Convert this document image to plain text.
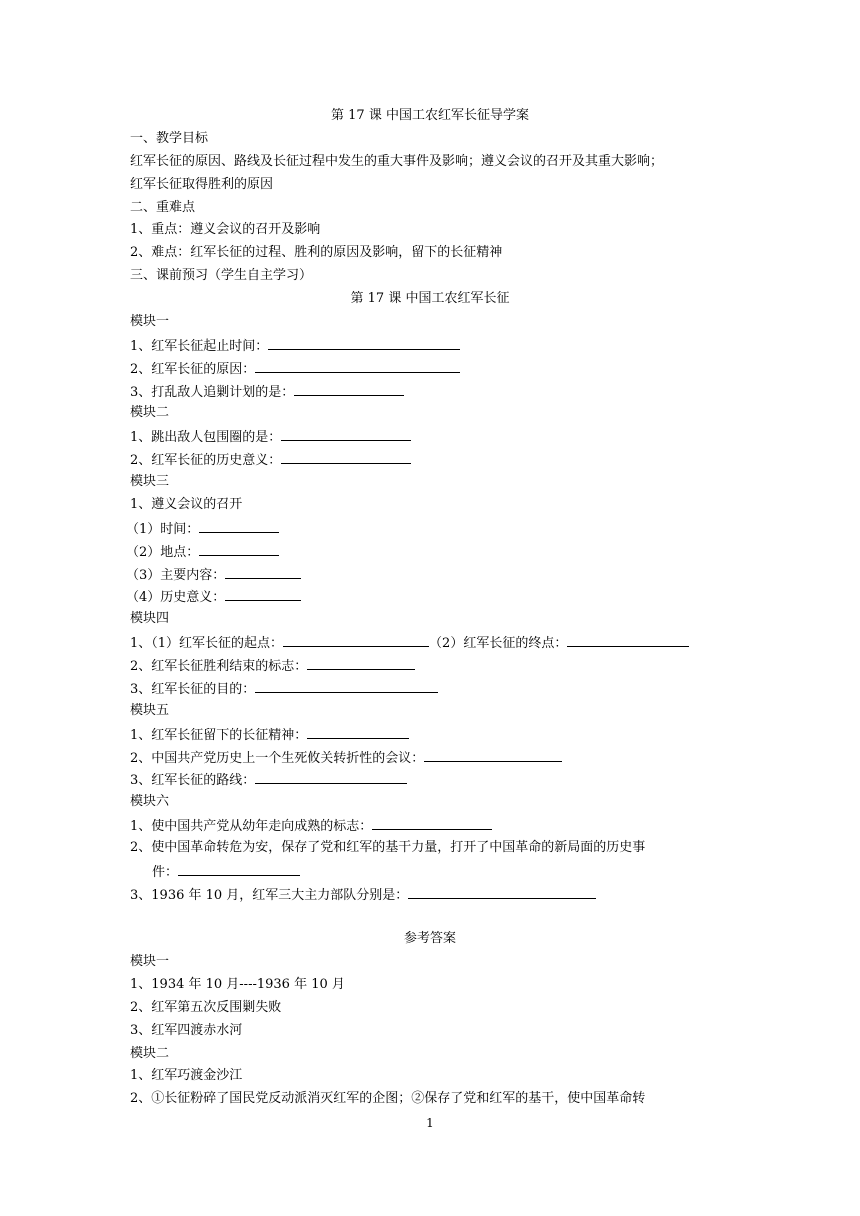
第 17 课 中国工农红军长征导学案
一、教学目标
红军长征的原因、路线及长征过程中发生的重大事件及影响；遵义会议的召开及其重大影响；
红军长征取得胜利的原因
二、重难点
1、重点：遵义会议的召开及影响
2、难点：红军长征的过程、胜利的原因及影响，留下的长征精神
三、课前预习（学生自主学习）
第 17 课 中国工农红军长征
模块一
1、红军长征起止时间：
2、红军长征的原因：
3、打乱敌人追剿计划的是：
模块二
1、跳出敌人包围圈的是：
2、红军长征的历史意义：
模块三
1、遵义会议的召开
（1）时间：
（2）地点：
（3）主要内容：
（4）历史意义：
模块四
1、（1）红军长征的起点：	（2）红军长征的终点：
2、红军长征胜利结束的标志：
3、红军长征的目的：
模块五
1、红军长征留下的长征精神：
2、中国共产党历史上一个生死攸关转折性的会议：
3、红军长征的路线：
模块六
1、使中国共产党从幼年走向成熟的标志：
2、使中国革命转危为安，保存了党和红军的基干力量，打开了中国革命的新局面的历史事
件：
3、1936 年 10 月，红军三大主力部队分别是：
参考答案
模块一
1、1934 年 10 月----1936 年 10 月
2、红军第五次反围剿失败
3、红军四渡赤水河
模块二
1、红军巧渡金沙江
2、①长征粉碎了国民党反动派消灭红军的企图；②保存了党和红军的基干，使中国革命转
1
